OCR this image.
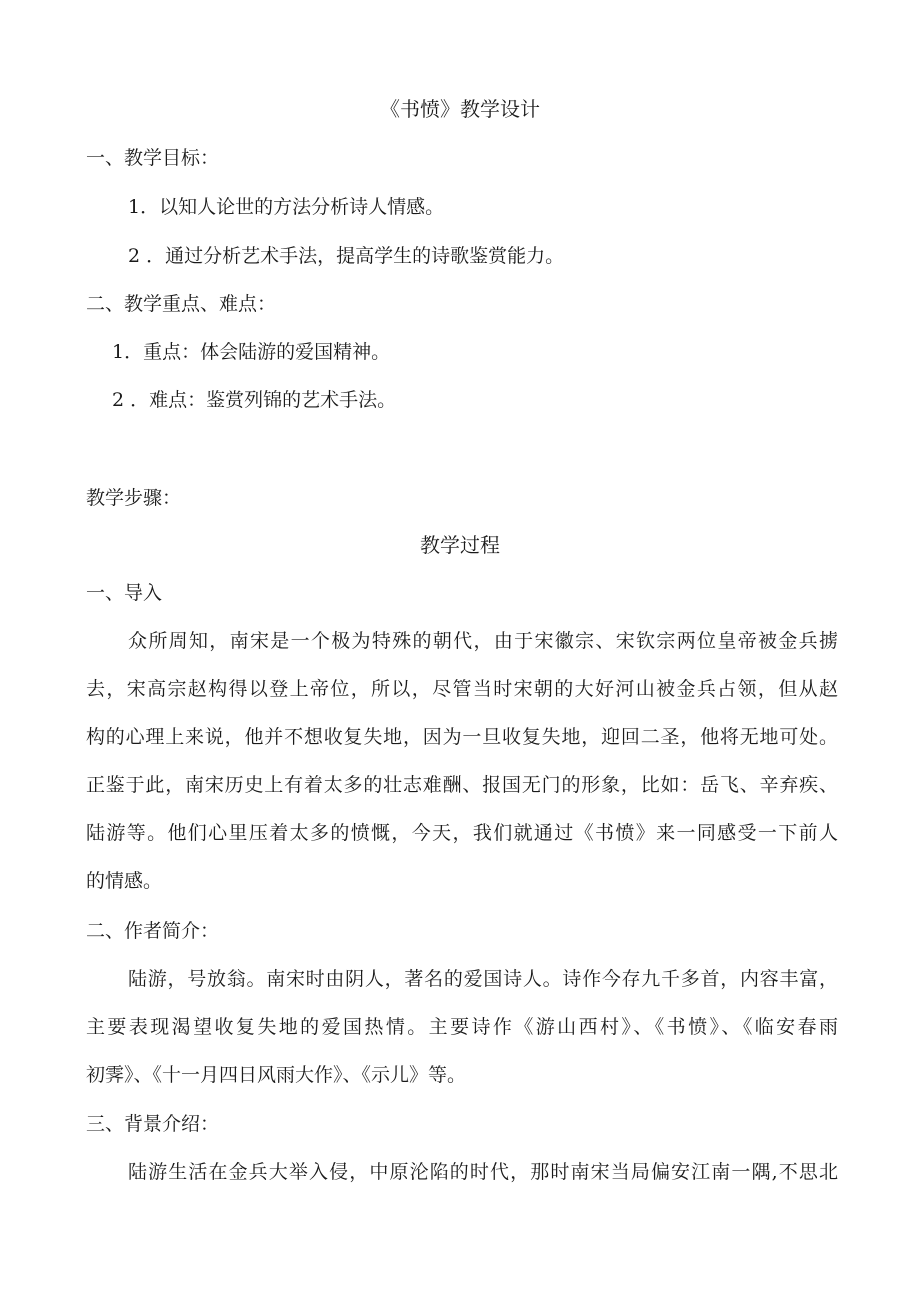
《书愤》教学设计
一、教学目标：
1．以知人论世的方法分析诗人情感。
2 ．通过分析艺术手法，提高学生的诗歌鉴赏能力。
二、教学重点、难点：
1．重点：体会陆游的爱国精神。
2 ．难点：鉴赏列锦的艺术手法。
教学步骤：
教学过程
一、导入
众所周知，南宋是一个极为特殊的朝代，由于宋徽宗、宋钦宗两位皇帝被金兵掳
去，宋高宗赵构得以登上帝位，所以，尽管当时宋朝的大好河山被金兵占领，但从赵
构的心理上来说，他并不想收复失地，因为一旦收复失地，迎回二圣，他将无地可处。
正鉴于此，南宋历史上有着太多的壮志难酬、报国无门的形象，比如：岳飞、辛弃疾、
陆游等。他们心里压着太多的愤慨，今天，我们就通过《书愤》来一同感受一下前人
的情感。
二、作者简介：
陆游，号放翁。南宋时由阴人，著名的爱国诗人。诗作今存九千多首，内容丰富，
主要表现渴望收复失地的爱国热情。主要诗作《游山西村》、《书愤》、《临安春雨
初霁》、《十一月四日风雨大作》、《示儿》等。
三、背景介绍：
陆游生活在金兵大举入侵，中原沦陷的时代，那时南宋当局偏安江南一隅,不思北
